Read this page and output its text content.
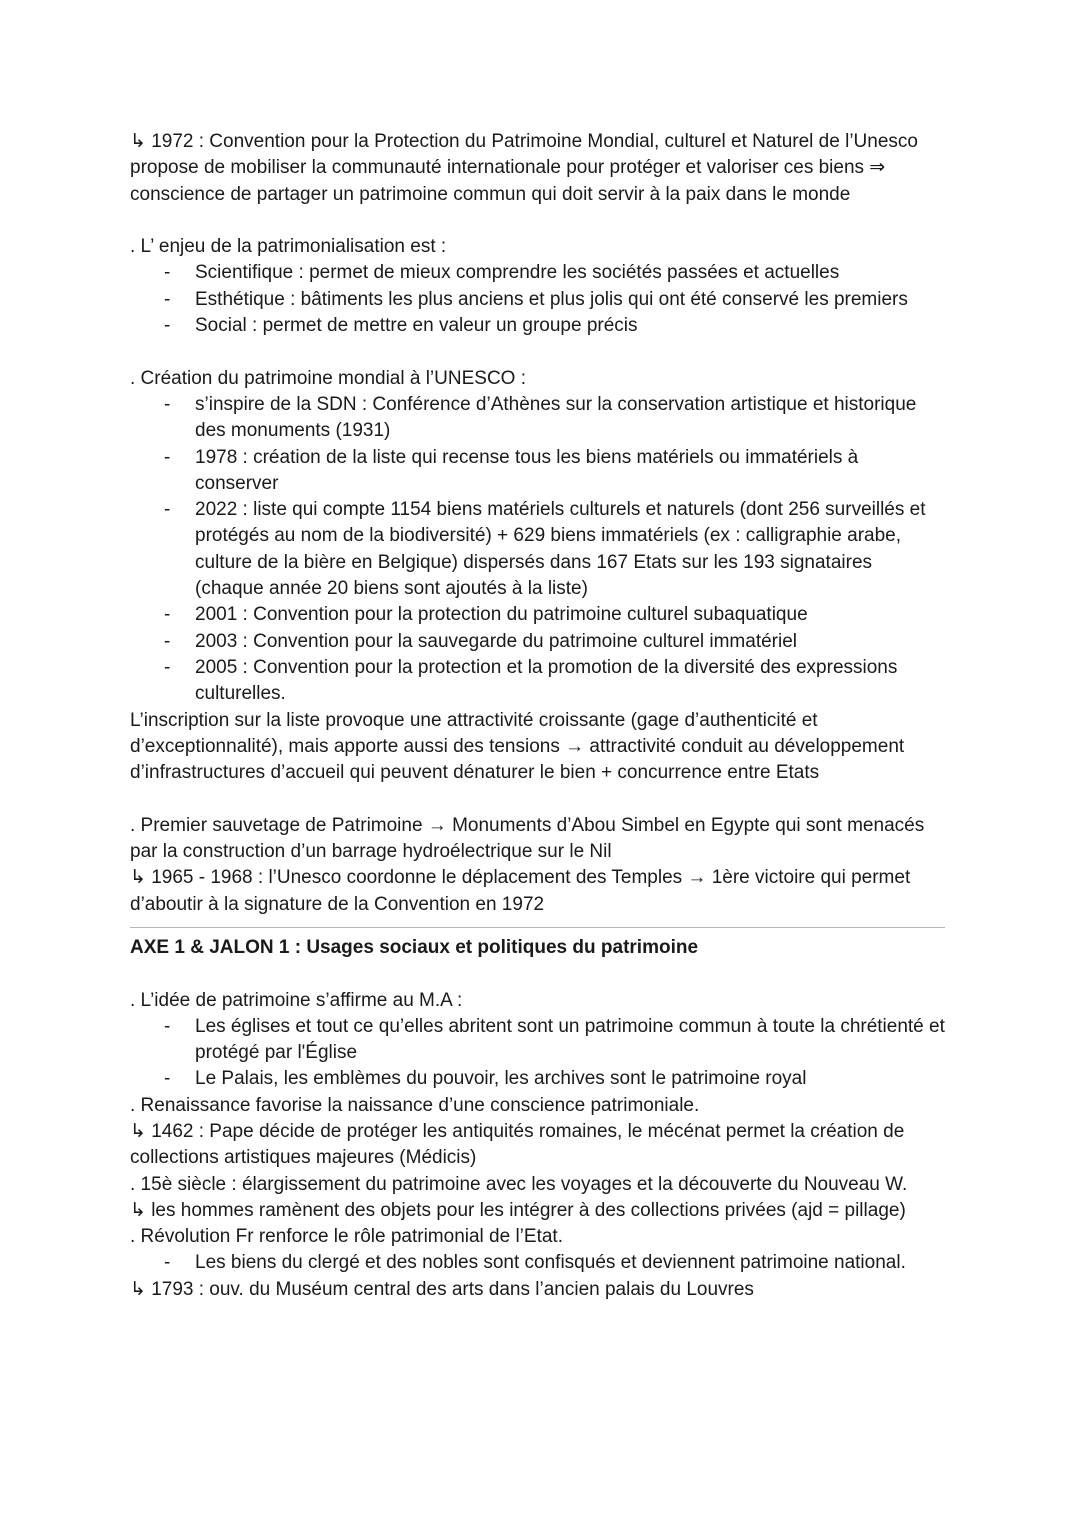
↳ 1972 : Convention pour la Protection du Patrimoine Mondial, culturel et Naturel de l’Unesco propose de mobiliser la communauté internationale pour protéger et valoriser ces biens ⇒ conscience de partager un patrimoine commun qui doit servir à la paix dans le monde

. L’ enjeu de la patrimonialisation est :

- Scientifique : permet de mieux comprendre les sociétés passées et actuelles
- Esthétique : bâtiments les plus anciens et plus jolis qui ont été conservé les premiers
- Social : permet de mettre en valeur un groupe précis

. Création du patrimoine mondial à l’UNESCO :

- s’inspire de la SDN : Conférence d’Athènes sur la conservation artistique et historique des monuments (1931)
- 1978 : création de la liste qui recense tous les biens matériels ou immatériels à conserver
- 2022 : liste qui compte 1154 biens matériels culturels et naturels (dont 256 surveillés et protégés au nom de la biodiversité) + 629 biens immatériels (ex : calligraphie arabe, culture de la bière en Belgique) dispersés dans 167 Etats sur les 193 signataires (chaque année 20 biens sont ajoutés à la liste)
- 2001 : Convention pour la protection du patrimoine culturel subaquatique
- 2003 : Convention pour la sauvegarde du patrimoine culturel immatériel
- 2005 : Convention pour la protection et la promotion de la diversité des expressions culturelles.

L’inscription sur la liste provoque une attractivité croissante (gage d’authenticité et d’exceptionnalité), mais apporte aussi des tensions → attractivité conduit au développement d’infrastructures d’accueil qui peuvent dénaturer le bien + concurrence entre Etats

. Premier sauvetage de Patrimoine → Monuments d’Abou Simbel en Egypte qui sont menacés par la construction d’un barrage hydroélectrique sur le Nil

↳ 1965 - 1968 : l’Unesco coordonne le déplacement des Temples → 1ère victoire qui permet d’aboutir à la signature de la Convention en 1972

AXE 1 & JALON 1 : Usages sociaux et politiques du patrimoine

. L’idée de patrimoine s’affirme au M.A :

- Les églises et tout ce qu’elles abritent sont un patrimoine commun à toute la chrétienté et protégé par l'Église
- Le Palais, les emblèmes du pouvoir, les archives sont le patrimoine royal

. Renaissance favorise la naissance d’une conscience patrimoniale.

↳ 1462 : Pape décide de protéger les antiquités romaines, le mécénat permet la création de collections artistiques majeures (Médicis)

. 15è siècle : élargissement du patrimoine avec les voyages et la découverte du Nouveau W.

↳ les hommes ramènent des objets pour les intégrer à des collections privées (ajd = pillage)

. Révolution Fr renforce le rôle patrimonial de l’Etat.

- Les biens du clergé et des nobles sont confisqués et deviennent patrimoine national.

↳ 1793 : ouv. du Muséum central des arts dans l’ancien palais du Louvres
